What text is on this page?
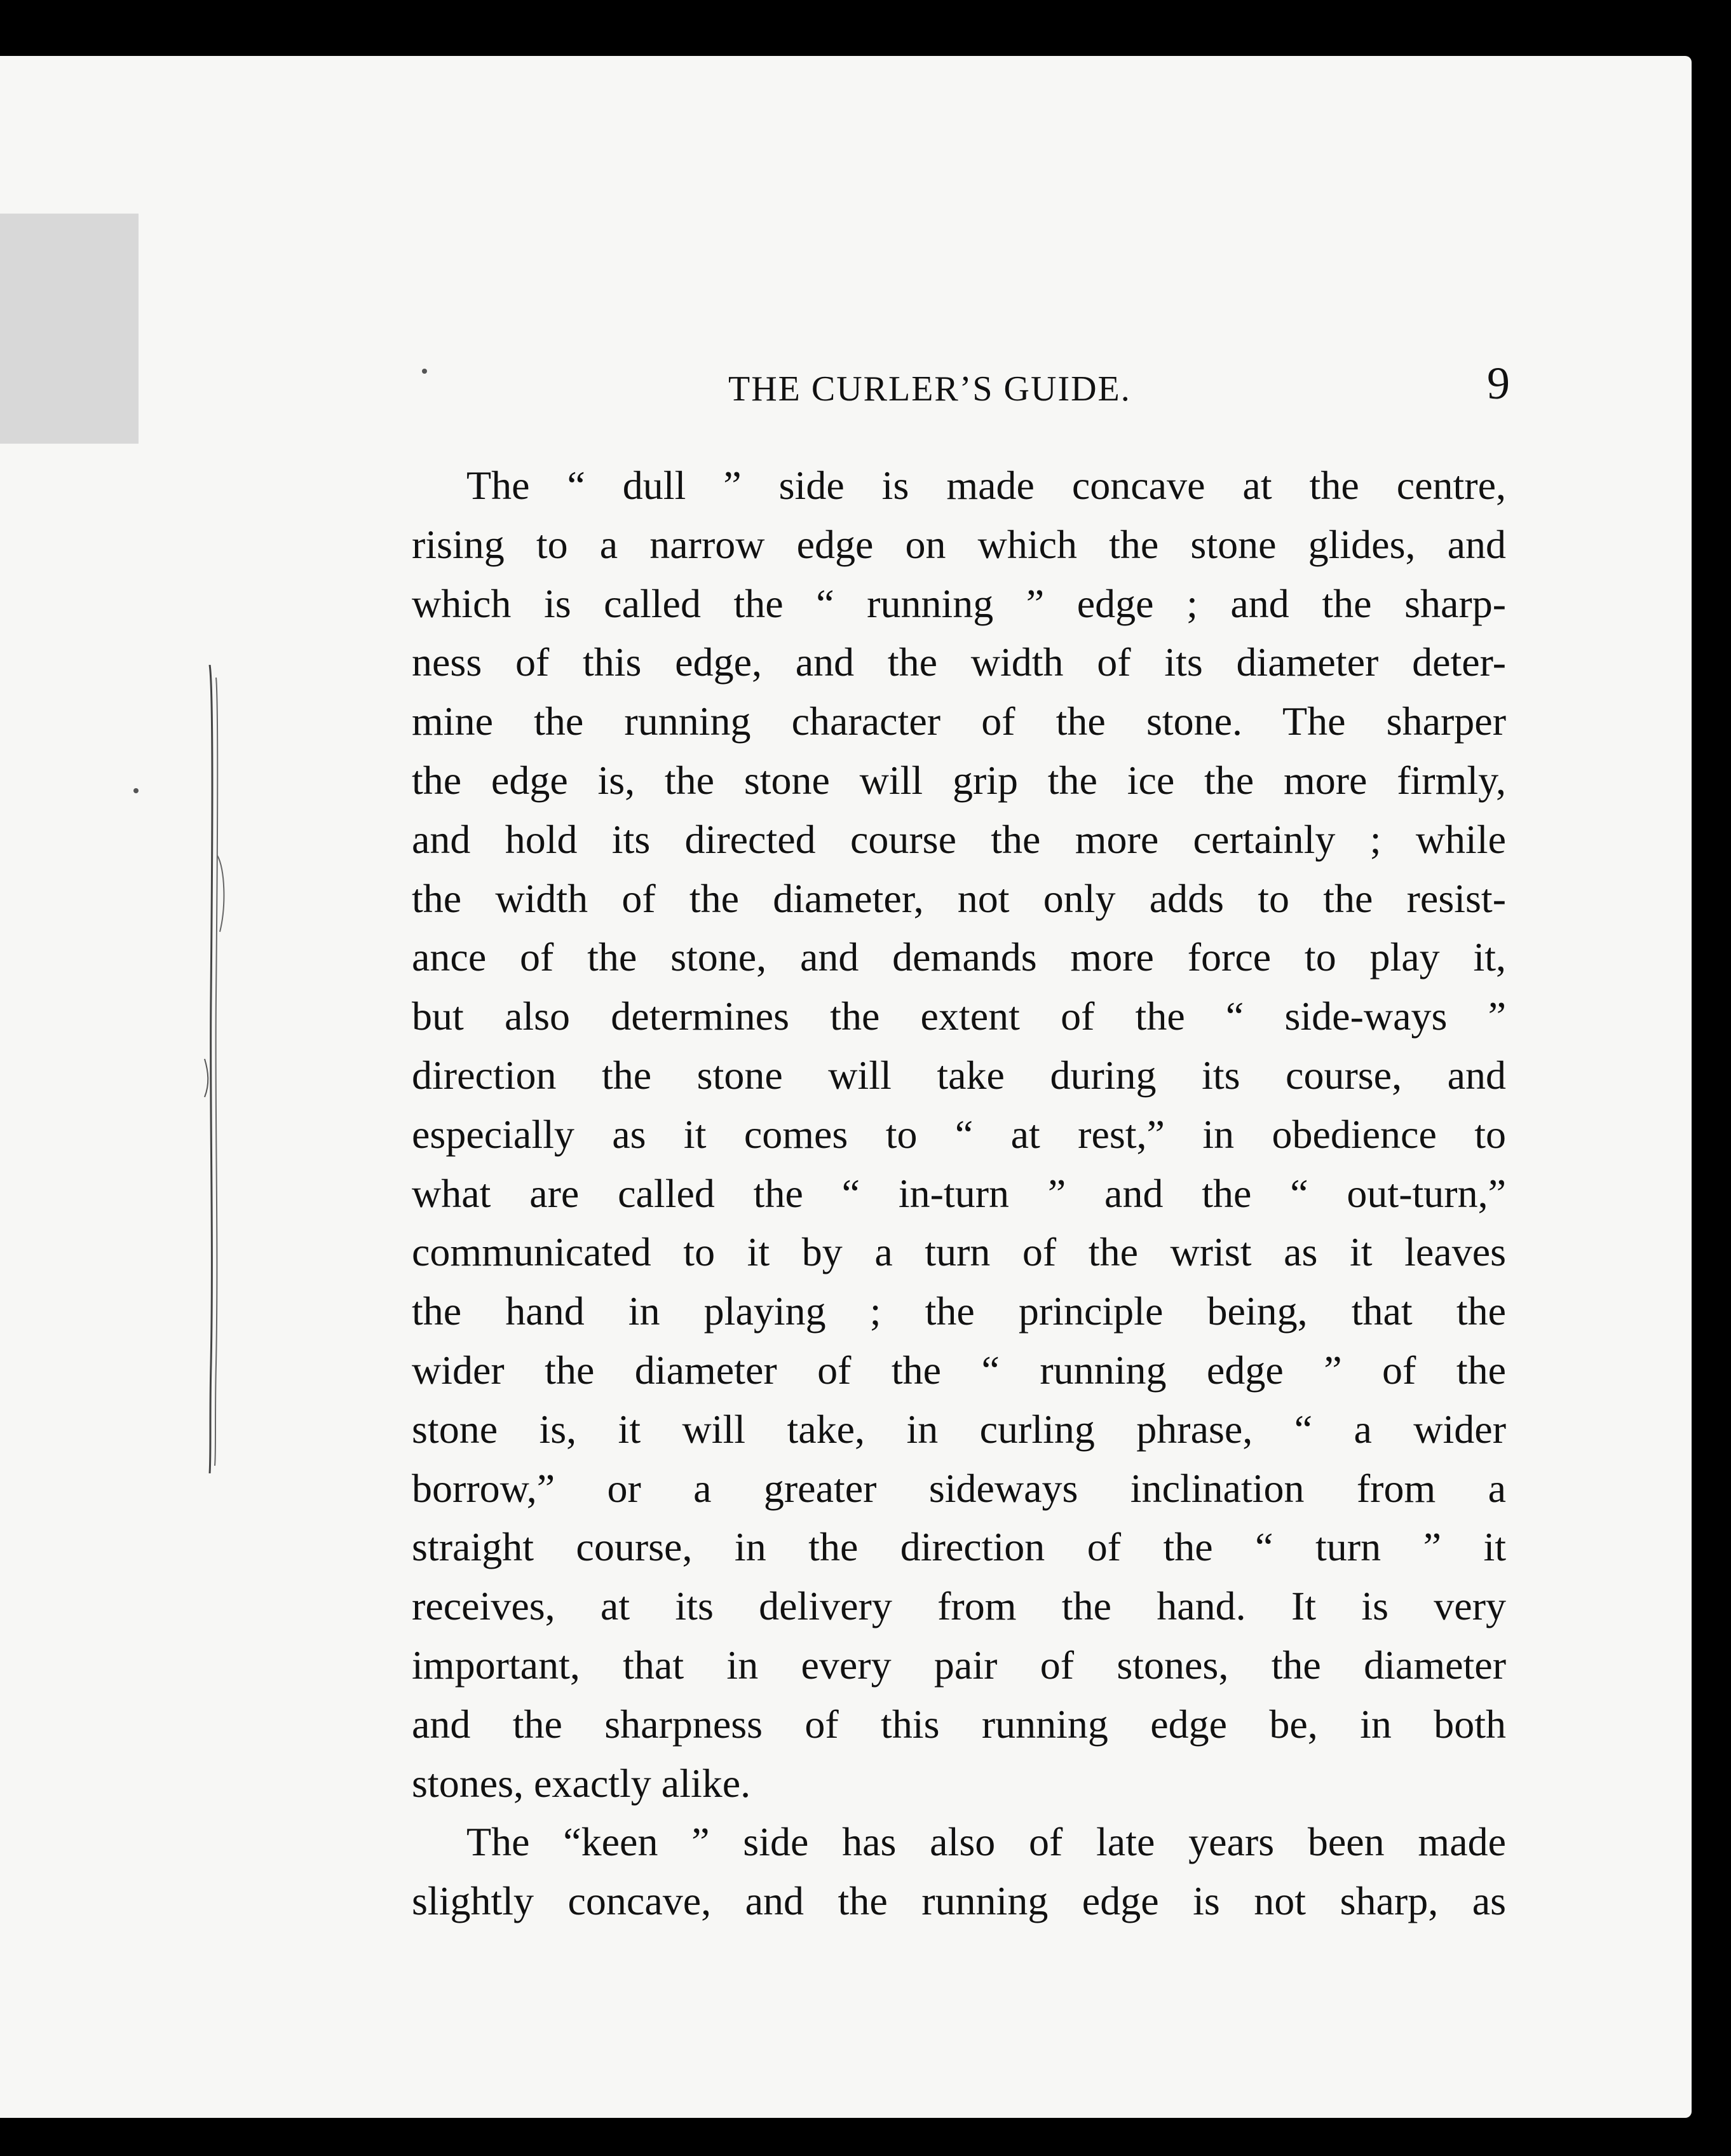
THE CURLER’S GUIDE.	9
The “ dull ” side is made concave at the centre,
rising to a narrow edge on which the stone glides, and
which is called the “ running ” edge ; and the sharp-
ness of this edge, and the width of its diameter deter-
mine the running character of the stone. The sharper
the edge is, the stone will grip the ice the more firmly,
and hold its directed course the more certainly ; while
the width of the diameter, not only adds to the resist-
ance of the stone, and demands more force to play it,
but also determines the extent of the “ side-ways ”
direction the stone will take during its course, and
especially as it comes to “ at rest,” in obedience to
what are called the “ in-turn ” and the “ out-turn,”
communicated to it by a turn of the wrist as it leaves
the hand in playing ; the principle being, that the
wider the diameter of the “ running edge ” of the
stone is, it will take, in curling phrase, “ a wider
borrow,” or a greater sideways inclination from a
straight course, in the direction of the “ turn ” it
receives, at its delivery from the hand. It is very
important, that in every pair of stones, the diameter
and the sharpness of this running edge be, in both
stones, exactly alike.
The “keen ” side has also of late years been made
slightly concave, and the running edge is not sharp, as
